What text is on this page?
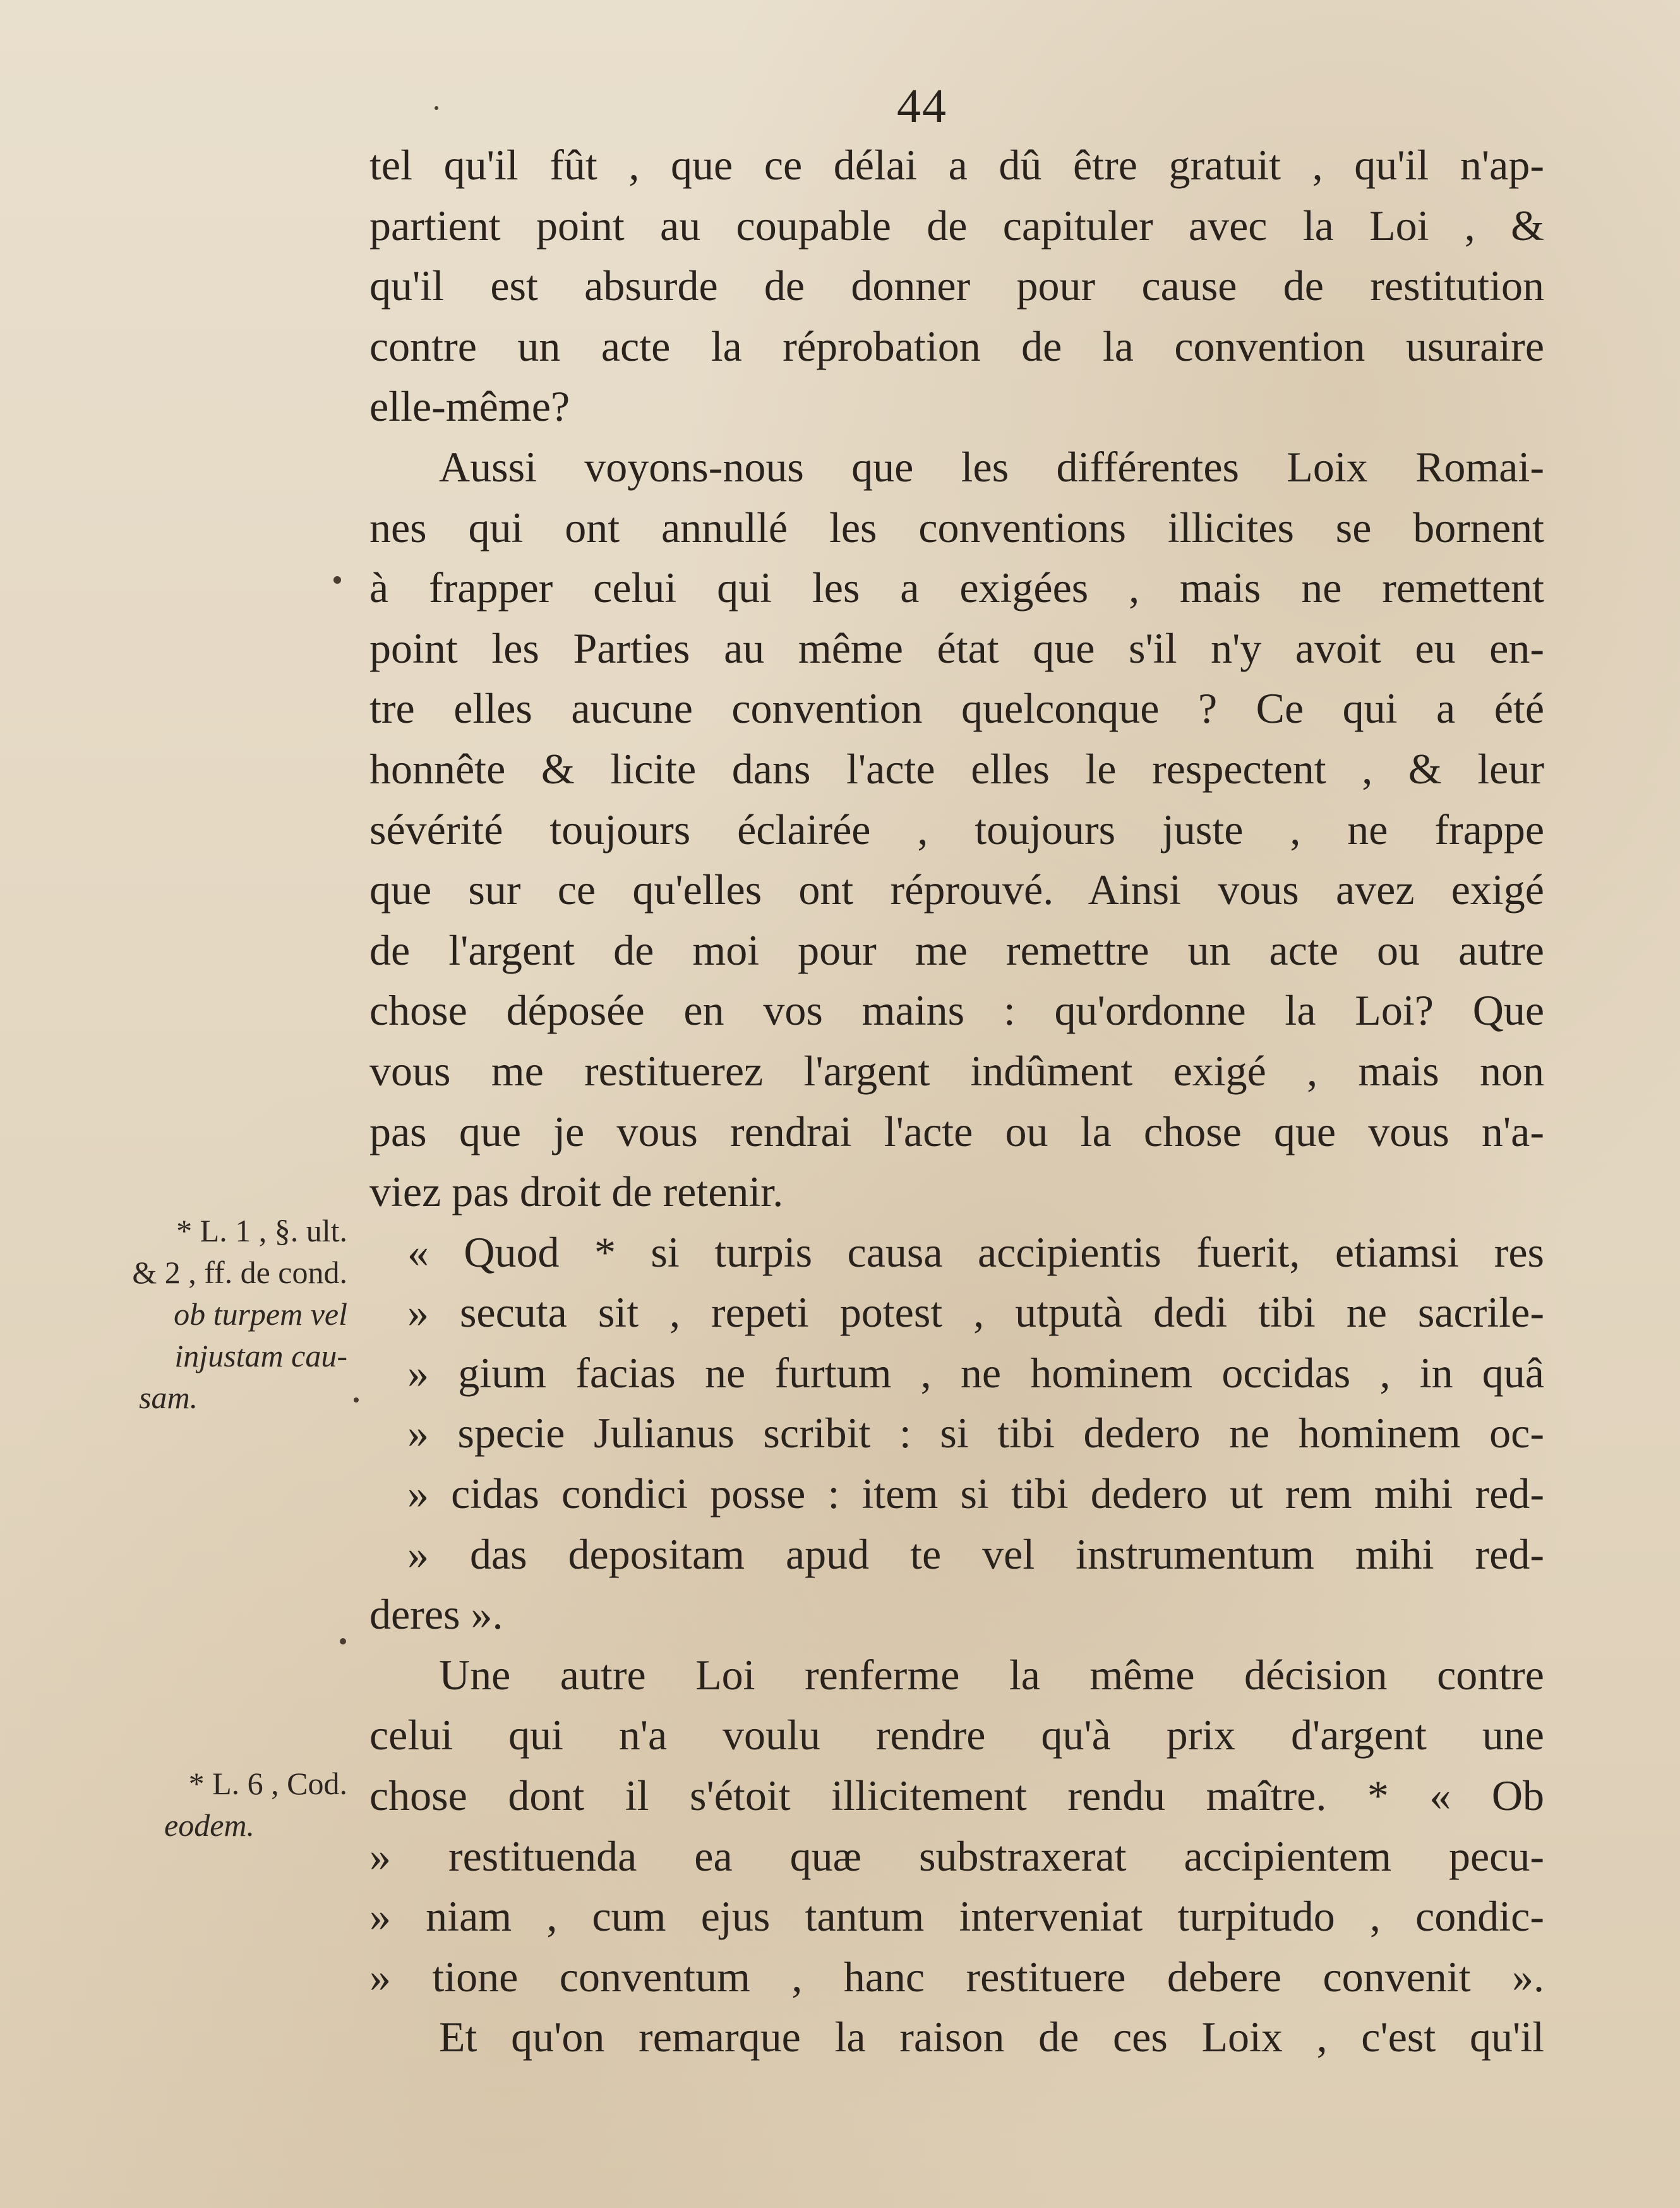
44
tel qu'il fût , que ce délai a dû être gratuit , qu'il n'ap-
partient point au coupable de capituler avec la Loi , &
qu'il est absurde de donner pour cause de restitution
contre un acte la réprobation de la convention usuraire
elle-même?
Aussi voyons-nous que les différentes Loix Romai-
nes qui ont annullé les conventions illicites se bornent
à frapper celui qui les a exigées , mais ne remettent
point les Parties au même état que s'il n'y avoit eu en-
tre elles aucune convention quelconque ? Ce qui a été
honnête & licite dans l'acte elles le respectent , & leur
sévérité toujours éclairée , toujours juste , ne frappe
que sur ce qu'elles ont réprouvé. Ainsi vous avez exigé
de l'argent de moi pour me remettre un acte ou autre
chose déposée en vos mains : qu'ordonne la Loi? Que
vous me restituerez l'argent indûment exigé , mais non
pas que je vous rendrai l'acte ou la chose que vous n'a-
viez pas droit de retenir.
« Quod * si turpis causa accipientis fuerit, etiamsi res
» secuta sit , repeti potest , utputà dedi tibi ne sacrile-
» gium facias ne furtum , ne hominem occidas , in quâ
» specie Julianus scribit : si tibi dedero ne hominem oc-
» cidas condici posse : item si tibi dedero ut rem mihi red-
» das depositam apud te vel instrumentum mihi red-
deres ».
Une autre Loi renferme la même décision contre
celui qui n'a voulu rendre qu'à prix d'argent une
chose dont il s'étoit illicitement rendu maître. * « Ob
» restituenda ea quæ substraxerat accipientem pecu-
» niam , cum ejus tantum interveniat turpitudo , condic-
» tione conventum , hanc restituere debere convenit ».
Et qu'on remarque la raison de ces Loix , c'est qu'il
* L. 1 , §. ult.
& 2 , ff. de cond.
ob turpem vel
injustam cau-
sam.
* L. 6 , Cod.
eodem.
